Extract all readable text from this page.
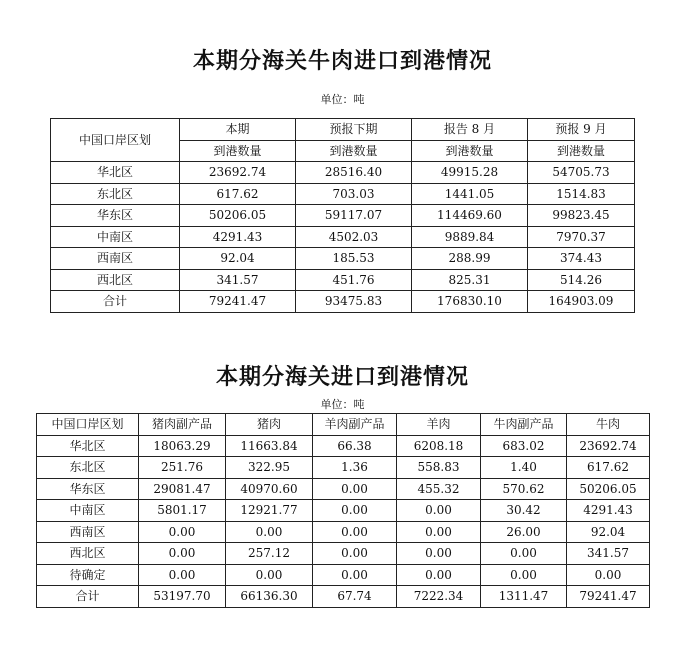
本期分海关牛肉进口到港情况
单位：吨
中国口岸区划	本期	预报下期	报告 8 月	预报 9 月
	到港数量	到港数量	到港数量	到港数量
华北区	23692.74	28516.40	49915.28	54705.73
东北区	617.62	703.03	1441.05	1514.83
华东区	50206.05	59117.07	114469.60	99823.45
中南区	4291.43	4502.03	9889.84	7970.37
西南区	92.04	185.53	288.99	374.43
西北区	341.57	451.76	825.31	514.26
合计	79241.47	93475.83	176830.10	164903.09
本期分海关进口到港情况
单位：吨
中国口岸区划	猪肉副产品	猪肉	羊肉副产品	羊肉	牛肉副产品	牛肉
华北区	18063.29	11663.84	66.38	6208.18	683.02	23692.74
东北区	251.76	322.95	1.36	558.83	1.40	617.62
华东区	29081.47	40970.60	0.00	455.32	570.62	50206.05
中南区	5801.17	12921.77	0.00	0.00	30.42	4291.43
西南区	0.00	0.00	0.00	0.00	26.00	92.04
西北区	0.00	257.12	0.00	0.00	0.00	341.57
待确定	0.00	0.00	0.00	0.00	0.00	0.00
合计	53197.70	66136.30	67.74	7222.34	1311.47	79241.47
